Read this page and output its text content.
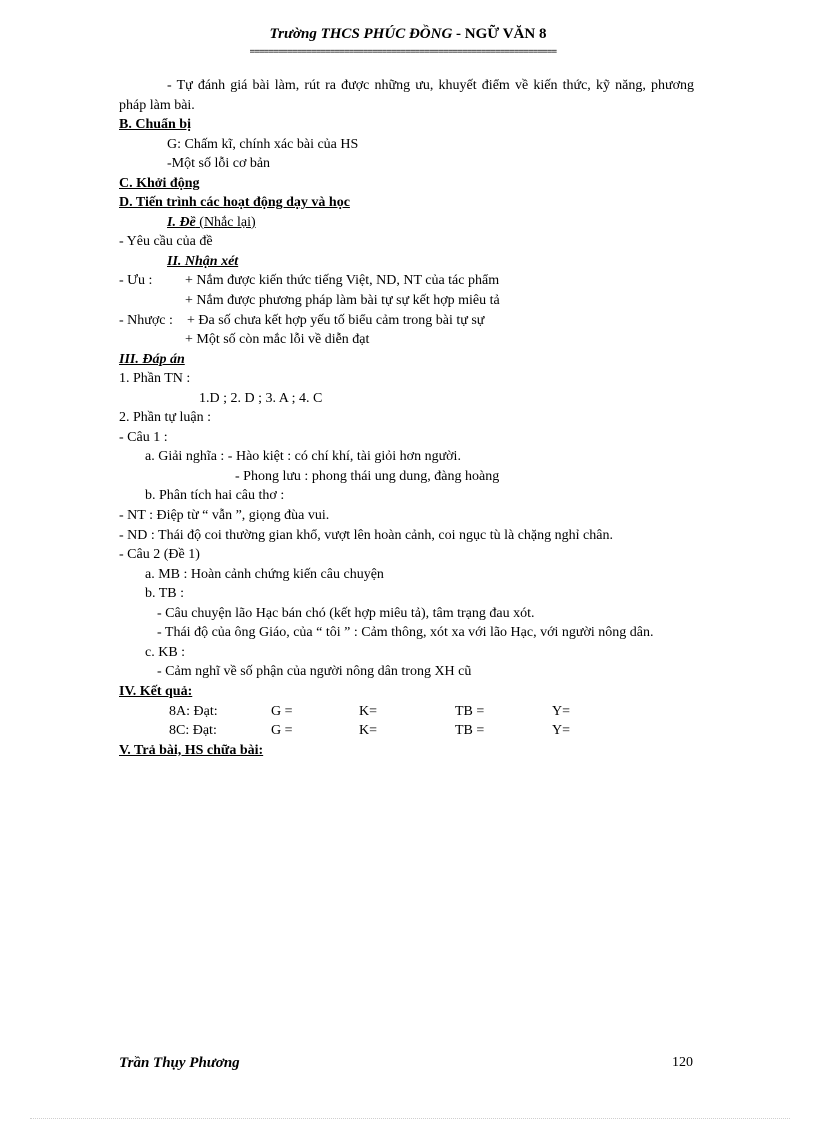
Trường THCS PHÚC ĐỒNG - NGỮ VĂN 8
=================================================================
- Tự đánh giá bài làm, rút ra được những ưu, khuyết điểm về kiến thức, kỹ năng, phương pháp làm bài.
B. Chuẩn bị
G: Chấm kĩ, chính xác bài của HS
-Một số lỗi cơ bản
C. Khởi động
D. Tiến trình các hoạt động dạy và học
I. Đề (Nhắc lại)
- Yêu cầu của đề
II. Nhận xét
- Ưu : + Nắm được kiến thức tiếng Việt, ND, NT của tác phẩm
+ Nắm được phương pháp làm bài tự sự kết hợp miêu tả
- Nhược : + Đa số chưa kết hợp yếu tố biểu cảm trong bài tự sự
+ Một số còn mắc lỗi về diễn đạt
III. Đáp án
1. Phần TN :
1.D ; 2. D ; 3. A ; 4. C
2. Phần tự luận :
- Câu 1 :
a. Giải nghĩa : - Hào kiệt : có chí khí, tài giỏi hơn người.
- Phong lưu : phong thái ung dung, đàng hoàng
b. Phân tích hai câu thơ :
- NT : Điệp từ “ vẫn ”, giọng đùa vui.
- ND : Thái độ coi thường gian khổ, vượt lên hoàn cảnh, coi ngục tù là chặng nghỉ chân.
- Câu 2 (Đề 1)
a. MB : Hoàn cảnh chứng kiến câu chuyện
b. TB :
- Câu chuyện lão Hạc bán chó (kết hợp miêu tả), tâm trạng đau xót.
- Thái độ của ông Giáo, của “ tôi ” : Cảm thông, xót xa với lão Hạc, với người nông dân.
c. KB :
- Cảm nghĩ về số phận của người nông dân trong XH cũ
IV. Kết quả:
8A: Đạt:	G =	K=	TB =	Y=
8C: Đạt:	G =	K=	TB =	Y=
V. Trả bài, HS chữa bài:
Trần Thụy Phương	120
